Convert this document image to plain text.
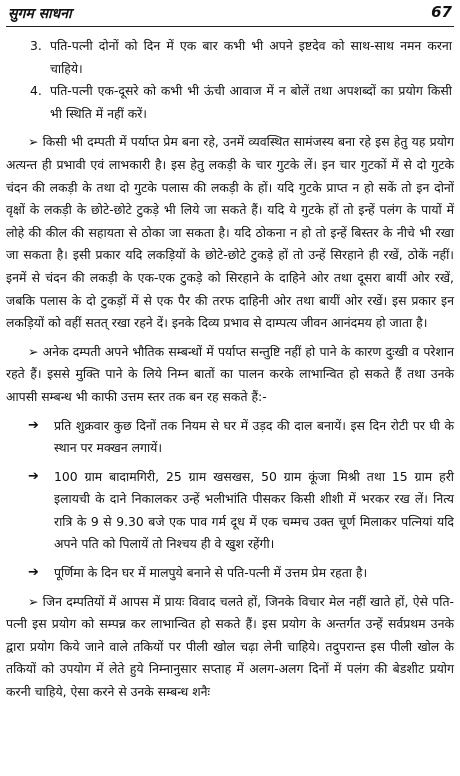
सुगम साधना	67
3. पति-पत्नी दोनों को दिन में एक बार कभी भी अपने इष्टदेव को साथ-साथ नमन करना चाहिये।

4. पति-पत्नी एक-दूसरे को कभी भी ऊंची आवाज में न बोलें तथा अपशब्दों का प्रयोग किसी भी स्थिति में नहीं करें।

➢ किसी भी दम्पती में पर्याप्त प्रेम बना रहे, उनमें व्यवस्थित सामंजस्य बना रहे इस हेतु यह प्रयोग अत्यन्त ही प्रभावी एवं लाभकारी है। इस हेतु लकड़ी के चार गुटके लें। इन चार गुटकों में से दो गुटके चंदन की लकड़ी के तथा दो गुटके पलास की लकड़ी के हों। यदि गुटके प्राप्त न हो सकें तो इन दोनों वृक्षों के लकड़ी के छोटे-छोटे टुकड़े भी लिये जा सकते हैं। यदि ये गुटके हों तो इन्हें पलंग के पायों में लोहे की कील की सहायता से ठोका जा सकता है। यदि ठोकना न हो तो इन्हें बिस्तर के नीचे भी रखा जा सकता है। इसी प्रकार यदि लकड़ियों के छोटे-छोटे टुकड़े हों तो उन्हें सिरहाने ही रखें, ठोकें नहीं। इनमें से चंदन की लकड़ी के एक-एक टुकड़े को सिरहाने के दाहिने ओर तथा दूसरा बायीं ओर रखें, जबकि पलास के दो टुकड़ों में से एक पैर की तरफ दाहिनी ओर तथा बायीं ओर रखें। इस प्रकार इन लकड़ियों को वहीं सतत् रखा रहने दें। इनके दिव्य प्रभाव से दाम्पत्य जीवन आनंदमय हो जाता है।

➢ अनेक दम्पती अपने भौतिक सम्बन्धों में पर्याप्त सन्तुष्टि नहीं हो पाने के कारण दुःखी व परेशान रहते हैं। इससे मुक्ति पाने के लिये निम्न बातों का पालन करके लाभान्वित हो सकते हैं तथा उनके आपसी सम्बन्ध भी काफी उत्तम स्तर तक बन रह सकते हैं:-

➔ प्रति शुक्रवार कुछ दिनों तक नियम से घर में उड़द की दाल बनायें। इस दिन रोटी पर घी के स्थान पर मक्खन लगायें।

➔ 100 ग्राम बादामगिरी, 25 ग्राम खसखस, 50 ग्राम कूंजा मिश्री तथा 15 ग्राम हरी इलायची के दाने निकालकर उन्हें भलीभांति पीसकर किसी शीशी में भरकर रख लें। नित्य रात्रि के 9 से 9.30 बजे एक पाव गर्म दूध में एक चम्मच उक्त चूर्ण मिलाकर पत्नियां यदि अपने पति को पिलायें तो निश्चय ही वे खुश रहेंगी।

➔ पूर्णिमा के दिन घर में मालपुये बनाने से पति-पत्नी में उत्तम प्रेम रहता है।

➢ जिन दम्पतियों में आपस में प्रायः विवाद चलते हों, जिनके विचार मेल नहीं खाते हों, ऐसे पति-पत्नी इस प्रयोग को सम्पन्न कर लाभान्वित हो सकते हैं। इस प्रयोग के अन्तर्गत उन्हें सर्वप्रथम उनके द्वारा प्रयोग किये जाने वाले तकियों पर पीली खोल चढ़ा लेनी चाहिये। तदुपरान्त इस पीली खोल के तकियों को उपयोग में लेते हुये निम्नानुसार सप्ताह में अलग-अलग दिनों में पलंग की बेडशीट प्रयोग करनी चाहिये, ऐसा करने से उनके सम्बन्ध शनैः
